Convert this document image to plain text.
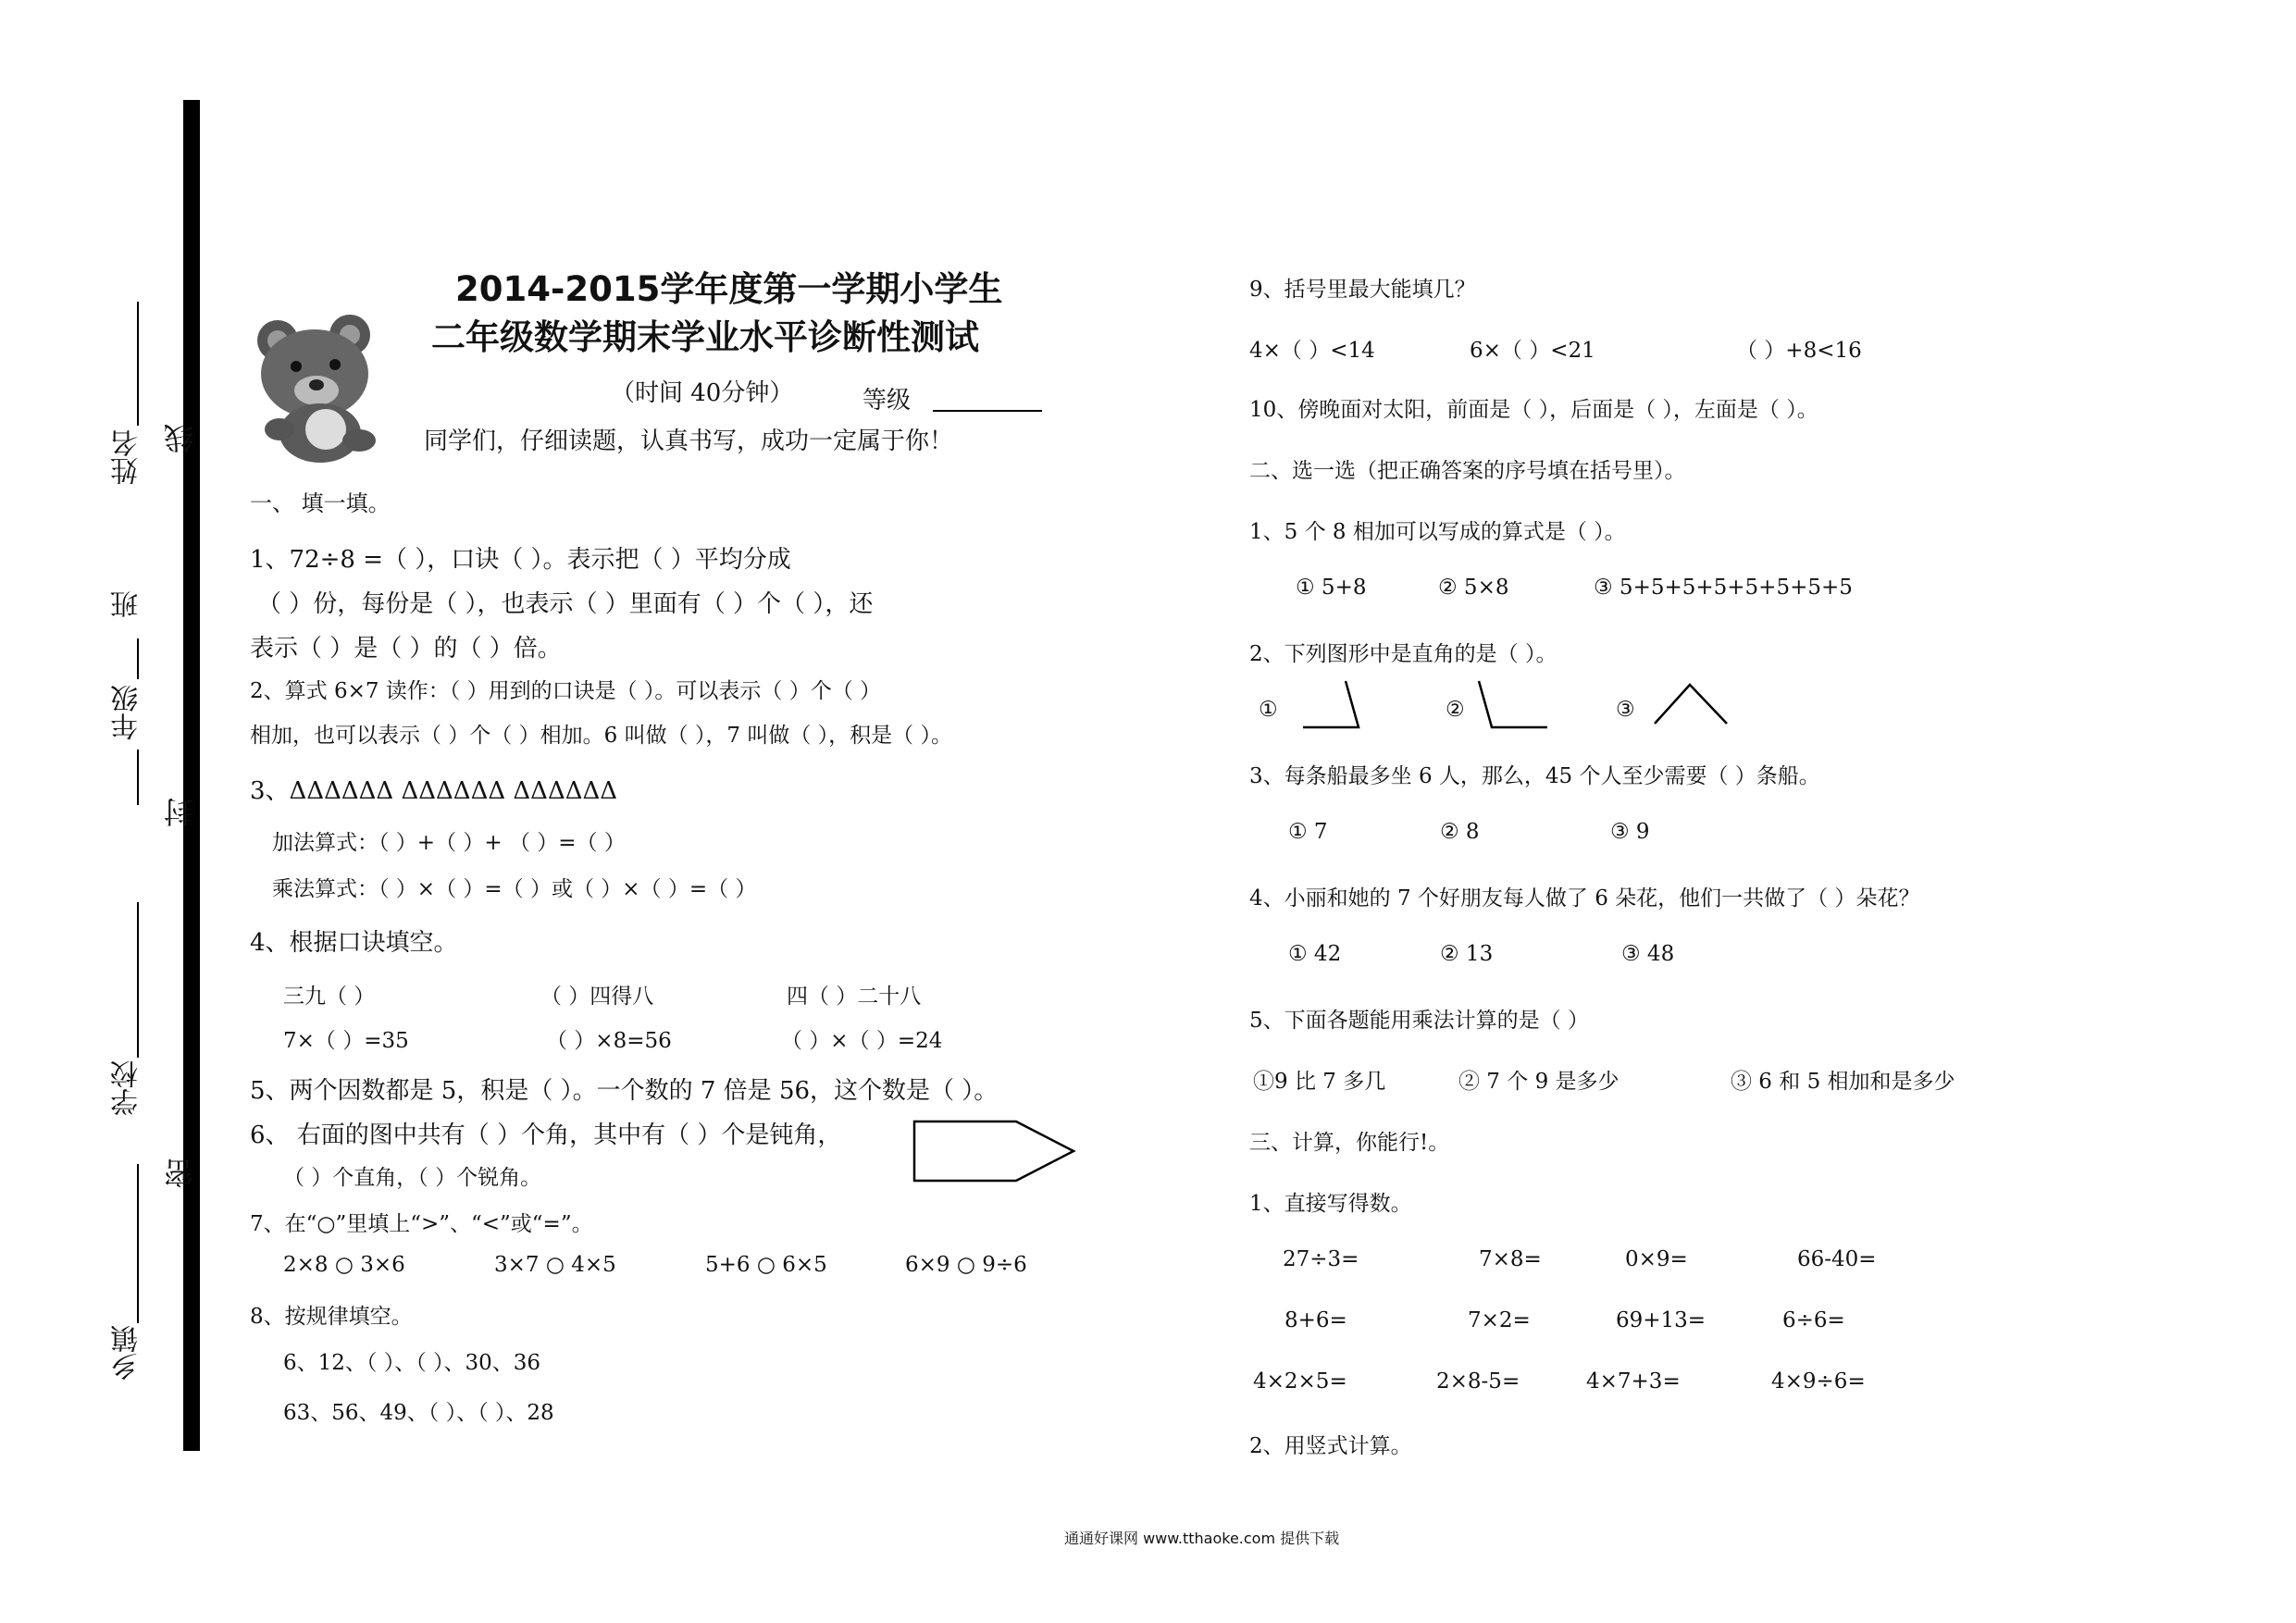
姓名
班
年级
学校
乡镇
线
封
密
2014-2015学年度第一学期小学生
二年级数学期末学业水平诊断性测试
（时间 40分钟）	等级
同学们，仔细读题，认真书写，成功一定属于你！
一、 填一填。
1、72÷8 =（ ），口诀（ ）。表示把（ ）平均分成
（ ）份，每份是（ ），也表示（ ）里面有（ ）个（ ），还
表示（ ）是（ ）的（ ）倍。
2、算式 6×7 读作：（ ）用到的口诀是（ ）。可以表示（ ）个（ ）
相加，也可以表示（ ）个（ ）相加。6 叫做（ ），7 叫做（ ），积是（ ）。
3、ΔΔΔΔΔΔ ΔΔΔΔΔΔ ΔΔΔΔΔΔ
加法算式：（ ）+（ ）+ （ ）=（ ）
乘法算式：（ ）×（ ）=（ ）或（ ）×（ ）=（ ）
4、根据口诀填空。
三九（ ）	（ ）四得八	四（ ）二十八
7×（ ）=35	（ ）×8=56	（ ）×（ ）=24
5、两个因数都是 5，积是（ ）。一个数的 7 倍是 56，这个数是（ ）。
6、 右面的图中共有（ ）个角，其中有（ ）个是钝角，
（ ）个直角，（ ）个锐角。
7、在“○”里填上“>”、“<”或“=”。
2×8 ○ 3×6	3×7 ○ 4×5	5+6 ○ 6×5	6×9 ○ 9÷6
8、按规律填空。
6、12、（ ）、（ ）、30、36
63、56、49、（ ）、（ ）、28
9、括号里最大能填几？
4×（ ）<14	6×（ ）<21	（ ）+8<16
10、傍晚面对太阳，前面是（ ），后面是（ ），左面是（ ）。
二、选一选（把正确答案的序号填在括号里）。
1、5 个 8 相加可以写成的算式是（ ）。
① 5+8	② 5×8	③ 5+5+5+5+5+5+5+5
2、下列图形中是直角的是（ ）。
①	②	③
3、每条船最多坐 6 人，那么，45 个人至少需要（ ）条船。
① 7	② 8	③ 9
4、小丽和她的 7 个好朋友每人做了 6 朵花，他们一共做了（ ）朵花？
① 42	② 13	③ 48
5、下面各题能用乘法计算的是（ ）
①9 比 7 多几	② 7 个 9 是多少	③ 6 和 5 相加和是多少
三、计算，你能行!。
1、直接写得数。
27÷3=	7×8=	0×9=	66-40=
8+6=	7×2=	69+13=	6÷6=
4×2×5=	2×8-5=	4×7+3=	4×9÷6=
2、用竖式计算。
通通好课网 www.tthaoke.com 提供下载
